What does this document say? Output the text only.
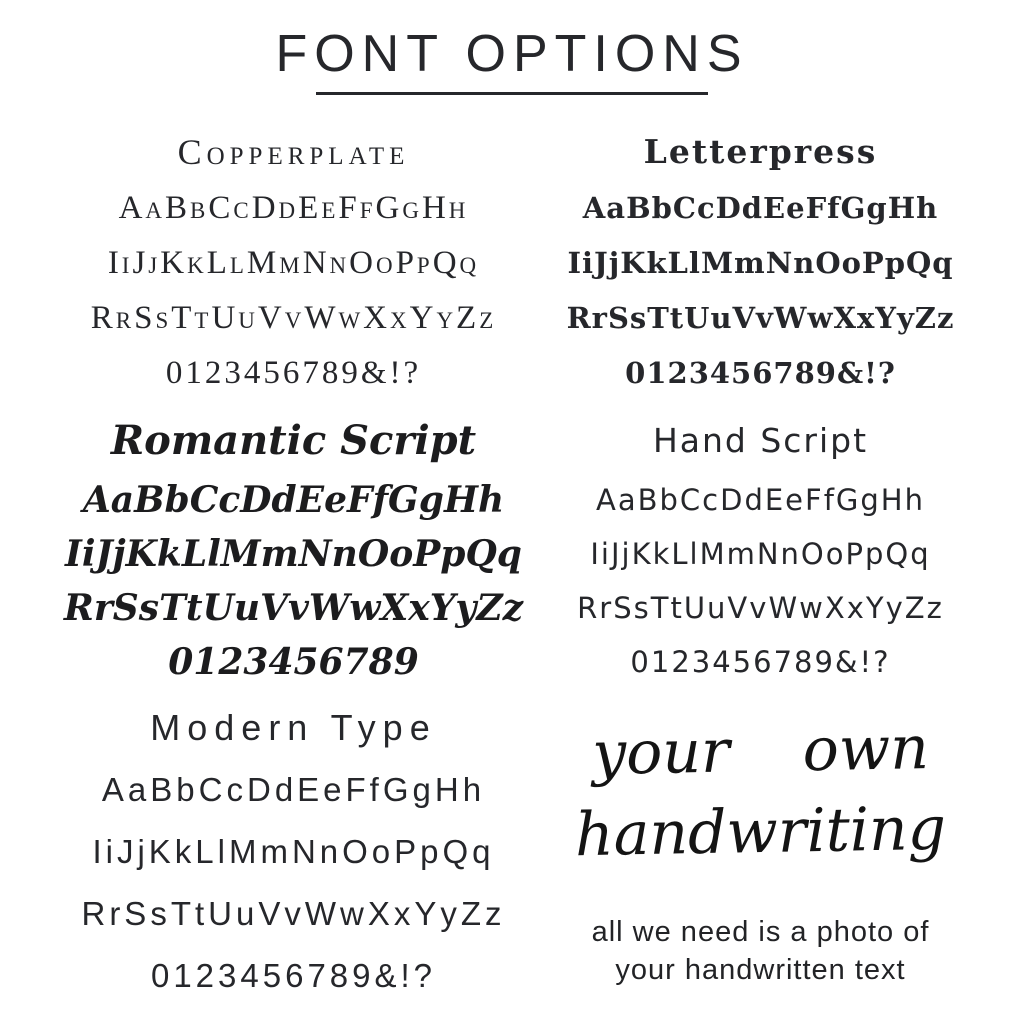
FONT OPTIONS
Copperplate
AaBbCcDdEeFfGgHh
IiJjKkLlMmNnOoPpQq
RrSsTtUuVvWwXxYyZz
0123456789&!?
Letterpress
AaBbCcDdEeFfGgHh
IiJjKkLlMmNnOoPpQq
RrSsTtUuVvWwXxYyZz
0123456789&!?
Romantic Script
AaBbCcDdEeFfGgHh
IiJjKkLlMmNnOoPpQq
RrSsTtUuVvWwXxYyZz
0123456789
Hand Script
AaBbCcDdEeFfGgHh
IiJjKkLlMmNnOoPpQq
RrSsTtUuVvWwXxYyZz
0123456789&!?
Modern Type
AaBbCcDdEeFfGgHh
IiJjKkLlMmNnOoPpQq
RrSsTtUuVvWwXxYyZz
0123456789&!?
your own
handwriting
all we need is a photo of
your handwritten text
